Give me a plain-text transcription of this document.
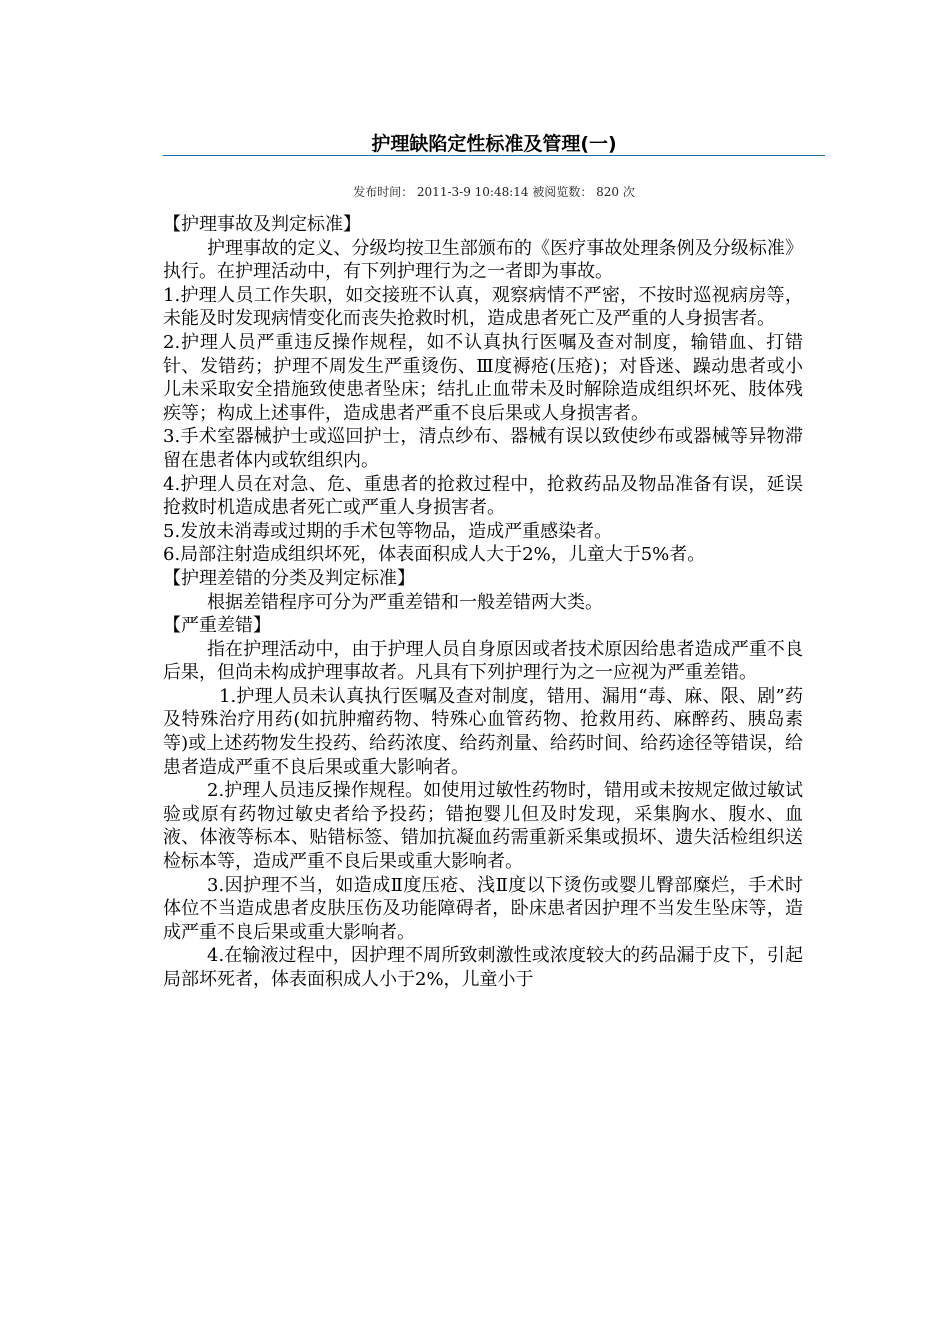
护理缺陷定性标准及管理(一)
发布时间： 2011-3-9 10:48:14 被阅览数： 820 次

【护理事故及判定标准】

护理事故的定义、分级均按卫生部颁布的《医疗事故处理条例及分级标准》执行。在护理活动中，有下列护理行为之一者即为事故。

1.护理人员工作失职，如交接班不认真，观察病情不严密，不按时巡视病房等，未能及时发现病情变化而丧失抢救时机，造成患者死亡及严重的人身损害者。

2.护理人员严重违反操作规程，如不认真执行医嘱及查对制度，输错血、打错针、发错药；护理不周发生严重烫伤、Ⅲ度褥疮(压疮)；对昏迷、躁动患者或小儿未采取安全措施致使患者坠床；结扎止血带未及时解除造成组织坏死、肢体残疾等；构成上述事件，造成患者严重不良后果或人身损害者。

3.手术室器械护士或巡回护士，清点纱布、器械有误以致使纱布或器械等异物滞留在患者体内或软组织内。

4.护理人员在对急、危、重患者的抢救过程中，抢救药品及物品准备有误，延误抢救时机造成患者死亡或严重人身损害者。

5.发放未消毒或过期的手术包等物品，造成严重感染者。

6.局部注射造成组织坏死，体表面积成人大于2%，儿童大于5%者。

【护理差错的分类及判定标准】

根据差错程序可分为严重差错和一般差错两大类。

【严重差错】

指在护理活动中，由于护理人员自身原因或者技术原因给患者造成严重不良后果，但尚未构成护理事故者。凡具有下列护理行为之一应视为严重差错。

1.护理人员未认真执行医嘱及查对制度，错用、漏用“毒、麻、限、剧”药及特殊治疗用药(如抗肿瘤药物、特殊心血管药物、抢救用药、麻醉药、胰岛素等)或上述药物发生投药、给药浓度、给药剂量、给药时间、给药途径等错误，给患者造成严重不良后果或重大影响者。

2.护理人员违反操作规程。如使用过敏性药物时，错用或未按规定做过敏试验或原有药物过敏史者给予投药；错抱婴儿但及时发现，采集胸水、腹水、血液、体液等标本、贴错标签、错加抗凝血药需重新采集或损坏、遗失活检组织送检标本等，造成严重不良后果或重大影响者。

3.因护理不当，如造成Ⅱ度压疮、浅Ⅱ度以下烫伤或婴儿臀部糜烂，手术时体位不当造成患者皮肤压伤及功能障碍者，卧床患者因护理不当发生坠床等，造成严重不良后果或重大影响者。

4.在输液过程中，因护理不周所致刺激性或浓度较大的药品漏于皮下，引起局部坏死者，体表面积成人小于2%，儿童小于
